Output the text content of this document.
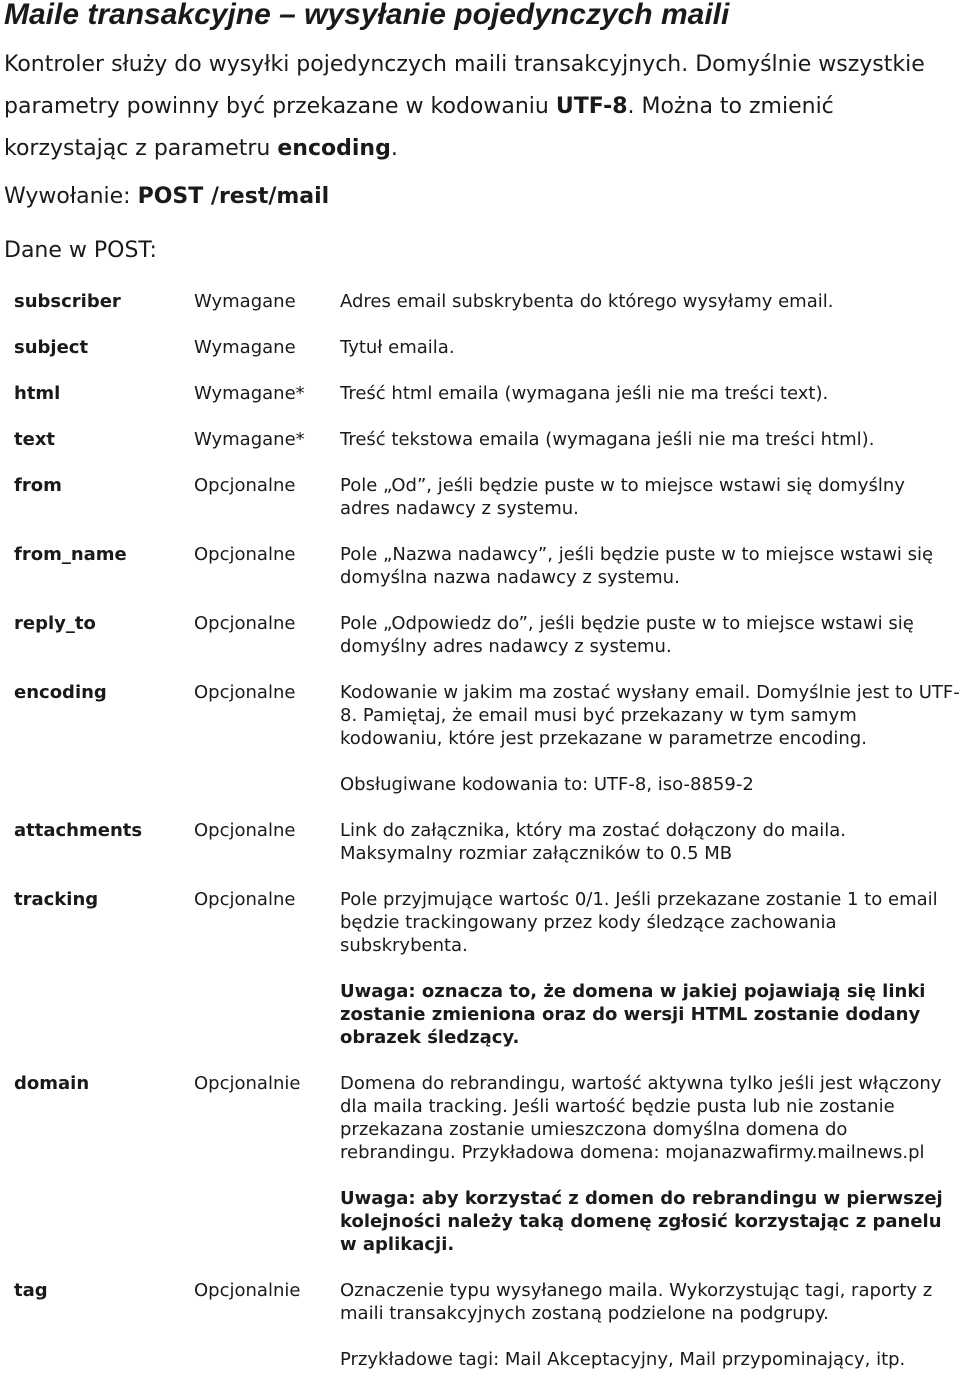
Maile transakcyjne – wysyłanie pojedynczych maili

Kontroler służy do wysyłki pojedynczych maili transakcyjnych. Domyślnie wszystkie parametry powinny być przekazane w kodowaniu UTF-8. Można to zmienić korzystając z parametru encoding.

Wywołanie: POST /rest/mail

Dane w POST:

subscriber	Wymagane	Adres email subskrybenta do którego wysyłamy email.

subject	Wymagane	Tytuł emaila.

html	Wymagane*	Treść html emaila (wymagana jeśli nie ma treści text).

text	Wymagane*	Treść tekstowa emaila (wymagana jeśli nie ma treści html).

from	Opcjonalne	Pole „Od”, jeśli będzie puste w to miejsce wstawi się domyślny adres nadawcy z systemu.

from_name	Opcjonalne	Pole „Nazwa nadawcy”, jeśli będzie puste w to miejsce wstawi się domyślna nazwa nadawcy z systemu.

reply_to	Opcjonalne	Pole „Odpowiedz do”, jeśli będzie puste w to miejsce wstawi się domyślny adres nadawcy z systemu.

encoding	Opcjonalne	Kodowanie w jakim ma zostać wysłany email. Domyślnie jest to UTF-8. Pamiętaj, że email musi być przekazany w tym samym kodowaniu, które jest przekazane w parametrze encoding.

		Obsługiwane kodowania to: UTF-8, iso-8859-2

attachments	Opcjonalne	Link do załącznika, który ma zostać dołączony do maila. Maksymalny rozmiar załączników to 0.5 MB

tracking	Opcjonalne	Pole przyjmujące wartośc 0/1. Jeśli przekazane zostanie 1 to email będzie trackingowany przez kody śledzące zachowania subskrybenta.

		Uwaga: oznacza to, że domena w jakiej pojawiają się linki zostanie zmieniona oraz do wersji HTML zostanie dodany obrazek śledzący.

domain	Opcjonalnie	Domena do rebrandingu, wartość aktywna tylko jeśli jest włączony dla maila tracking. Jeśli wartość będzie pusta lub nie zostanie przekazana zostanie umieszczona domyślna domena do rebrandingu. Przykładowa domena: mojanazwafirmy.mailnews.pl

		Uwaga: aby korzystać z domen do rebrandingu w pierwszej kolejności należy taką domenę zgłosić korzystając z panelu w aplikacji.

tag	Opcjonalnie	Oznaczenie typu wysyłanego maila. Wykorzystując tagi, raporty z maili transakcyjnych zostaną podzielone na podgrupy.

		Przykładowe tagi: Mail Akceptacyjny, Mail przypominający, itp.
